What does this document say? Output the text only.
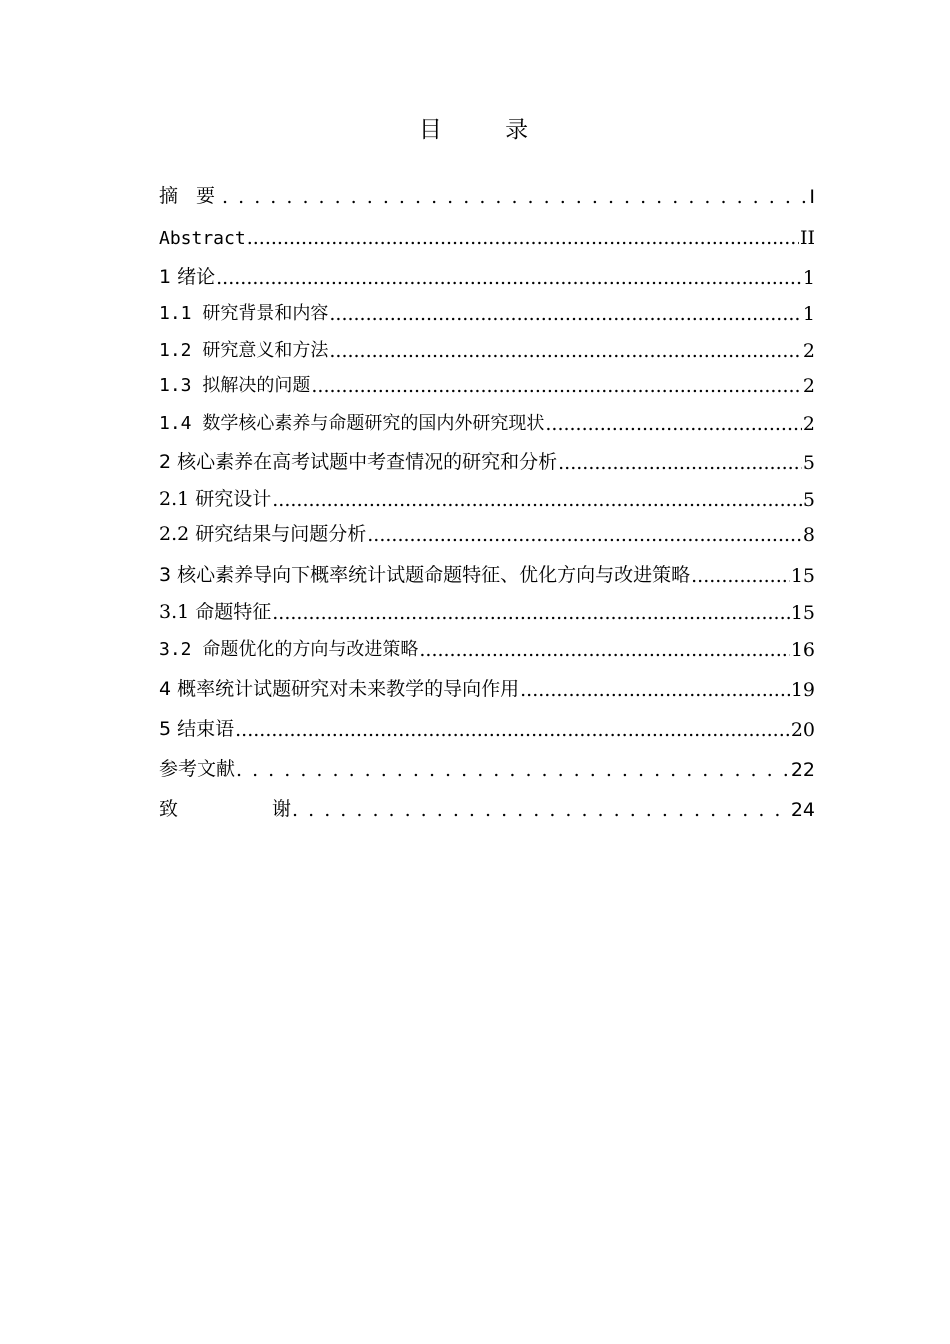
目 录
摘 要 . . .	I
Abstract .....	II
1 绪论 .....	1
1.1 研究背景和内容 .....	1
1.2 研究意义和方法 .....	2
1.3 拟解决的问题 .....	2
1.4 数学核心素养与命题研究的国内外研究现状 .....	2
2 核心素养在高考试题中考查情况的研究和分析 .....	5
2.1 研究设计 .....	5
2.2 研究结果与问题分析 .....	8
3 核心素养导向下概率统计试题命题特征、优化方向与改进策略 .....	15
3.1 命题特征 .....	15
3.2 命题优化的方向与改进策略 .....	16
4 概率统计试题研究对未来教学的导向作用 .....	19
5 结束语 .....	20
参考文献 . . .	22
致 谢 . . .	24
